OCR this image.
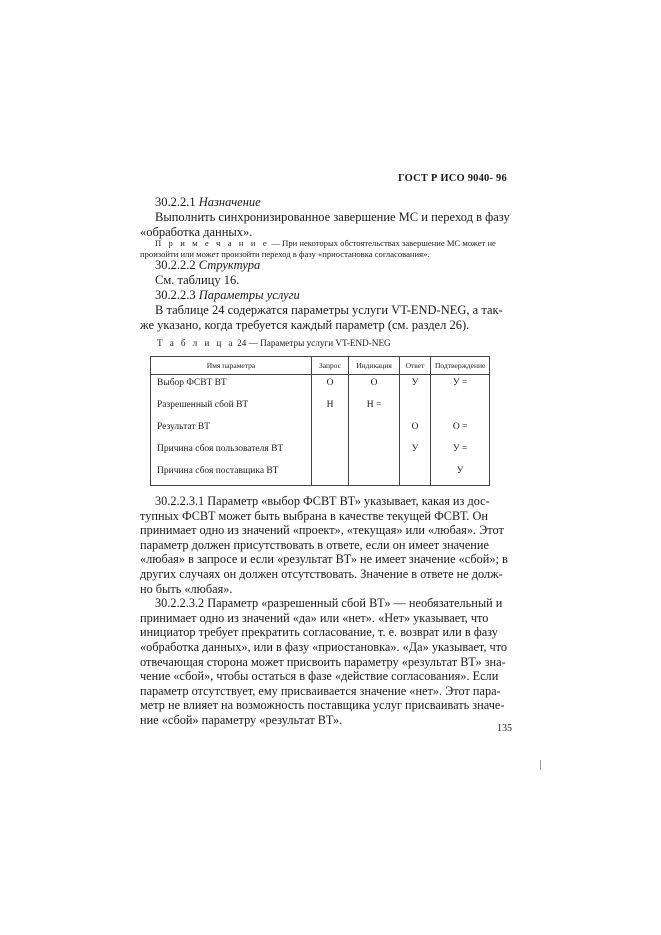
ГОСТ Р ИСО 9040- 96
30.2.2.1 Назначение
Выполнить синхронизированное завершение МС и переход в фазу
«обработка данных».
П р и м е ч а н и е — При некоторых обстоятельствах завершение МС может не
произойти или может произойти переход в фазу «приостановка согласования».
30.2.2.2 Структура
См. таблицу 16.
30.2.2.3 Параметры услуги
В таблице 24 содержатся параметры услуги VT-END-NEG, а так-
же указано, когда требуется каждый параметр (см. раздел 26).
Т а б л и ц а 24 — Параметры услуги VT-END-NEG
Имя параметра	Запрос	Индикация	Ответ	Подтверждение
Выбор ФСВТ ВТ	О	О	У	У =
Разрешенный сбой ВТ	Н	Н =		
Результат ВТ			О	О =
Причина сбоя пользователя ВТ			У	У =
Причина сбоя поставщика ВТ				У
30.2.2.3.1 Параметр «выбор ФСВТ ВТ» указывает, какая из дос-
тупных ФСВТ может быть выбрана в качестве текущей ФСВТ. Он
принимает одно из значений «проект», «текущая» или «любая». Этот
параметр должен присутствовать в ответе, если он имеет значение
«любая» в запросе и если «результат ВТ» не имеет значение «сбой»; в
других случаях он должен отсутствовать. Значение в ответе не долж-
но быть «любая».
30.2.2.3.2 Параметр «разрешенный сбой ВТ» — необязательный и
принимает одно из значений «да» или «нет». «Нет» указывает, что
инициатор требует прекратить согласование, т. е. возврат или в фазу
«обработка данных», или в фазу «приостановка». «Да» указывает, что
отвечающая сторона может присвоить параметру «результат ВТ» зна-
чение «сбой», чтобы остаться в фазе «действие согласования». Если
параметр отсутствует, ему присваивается значение «нет». Этот пара-
метр не влияет на возможность поставщика услуг присваивать значе-
ние «сбой» параметру «результат ВТ».
135
